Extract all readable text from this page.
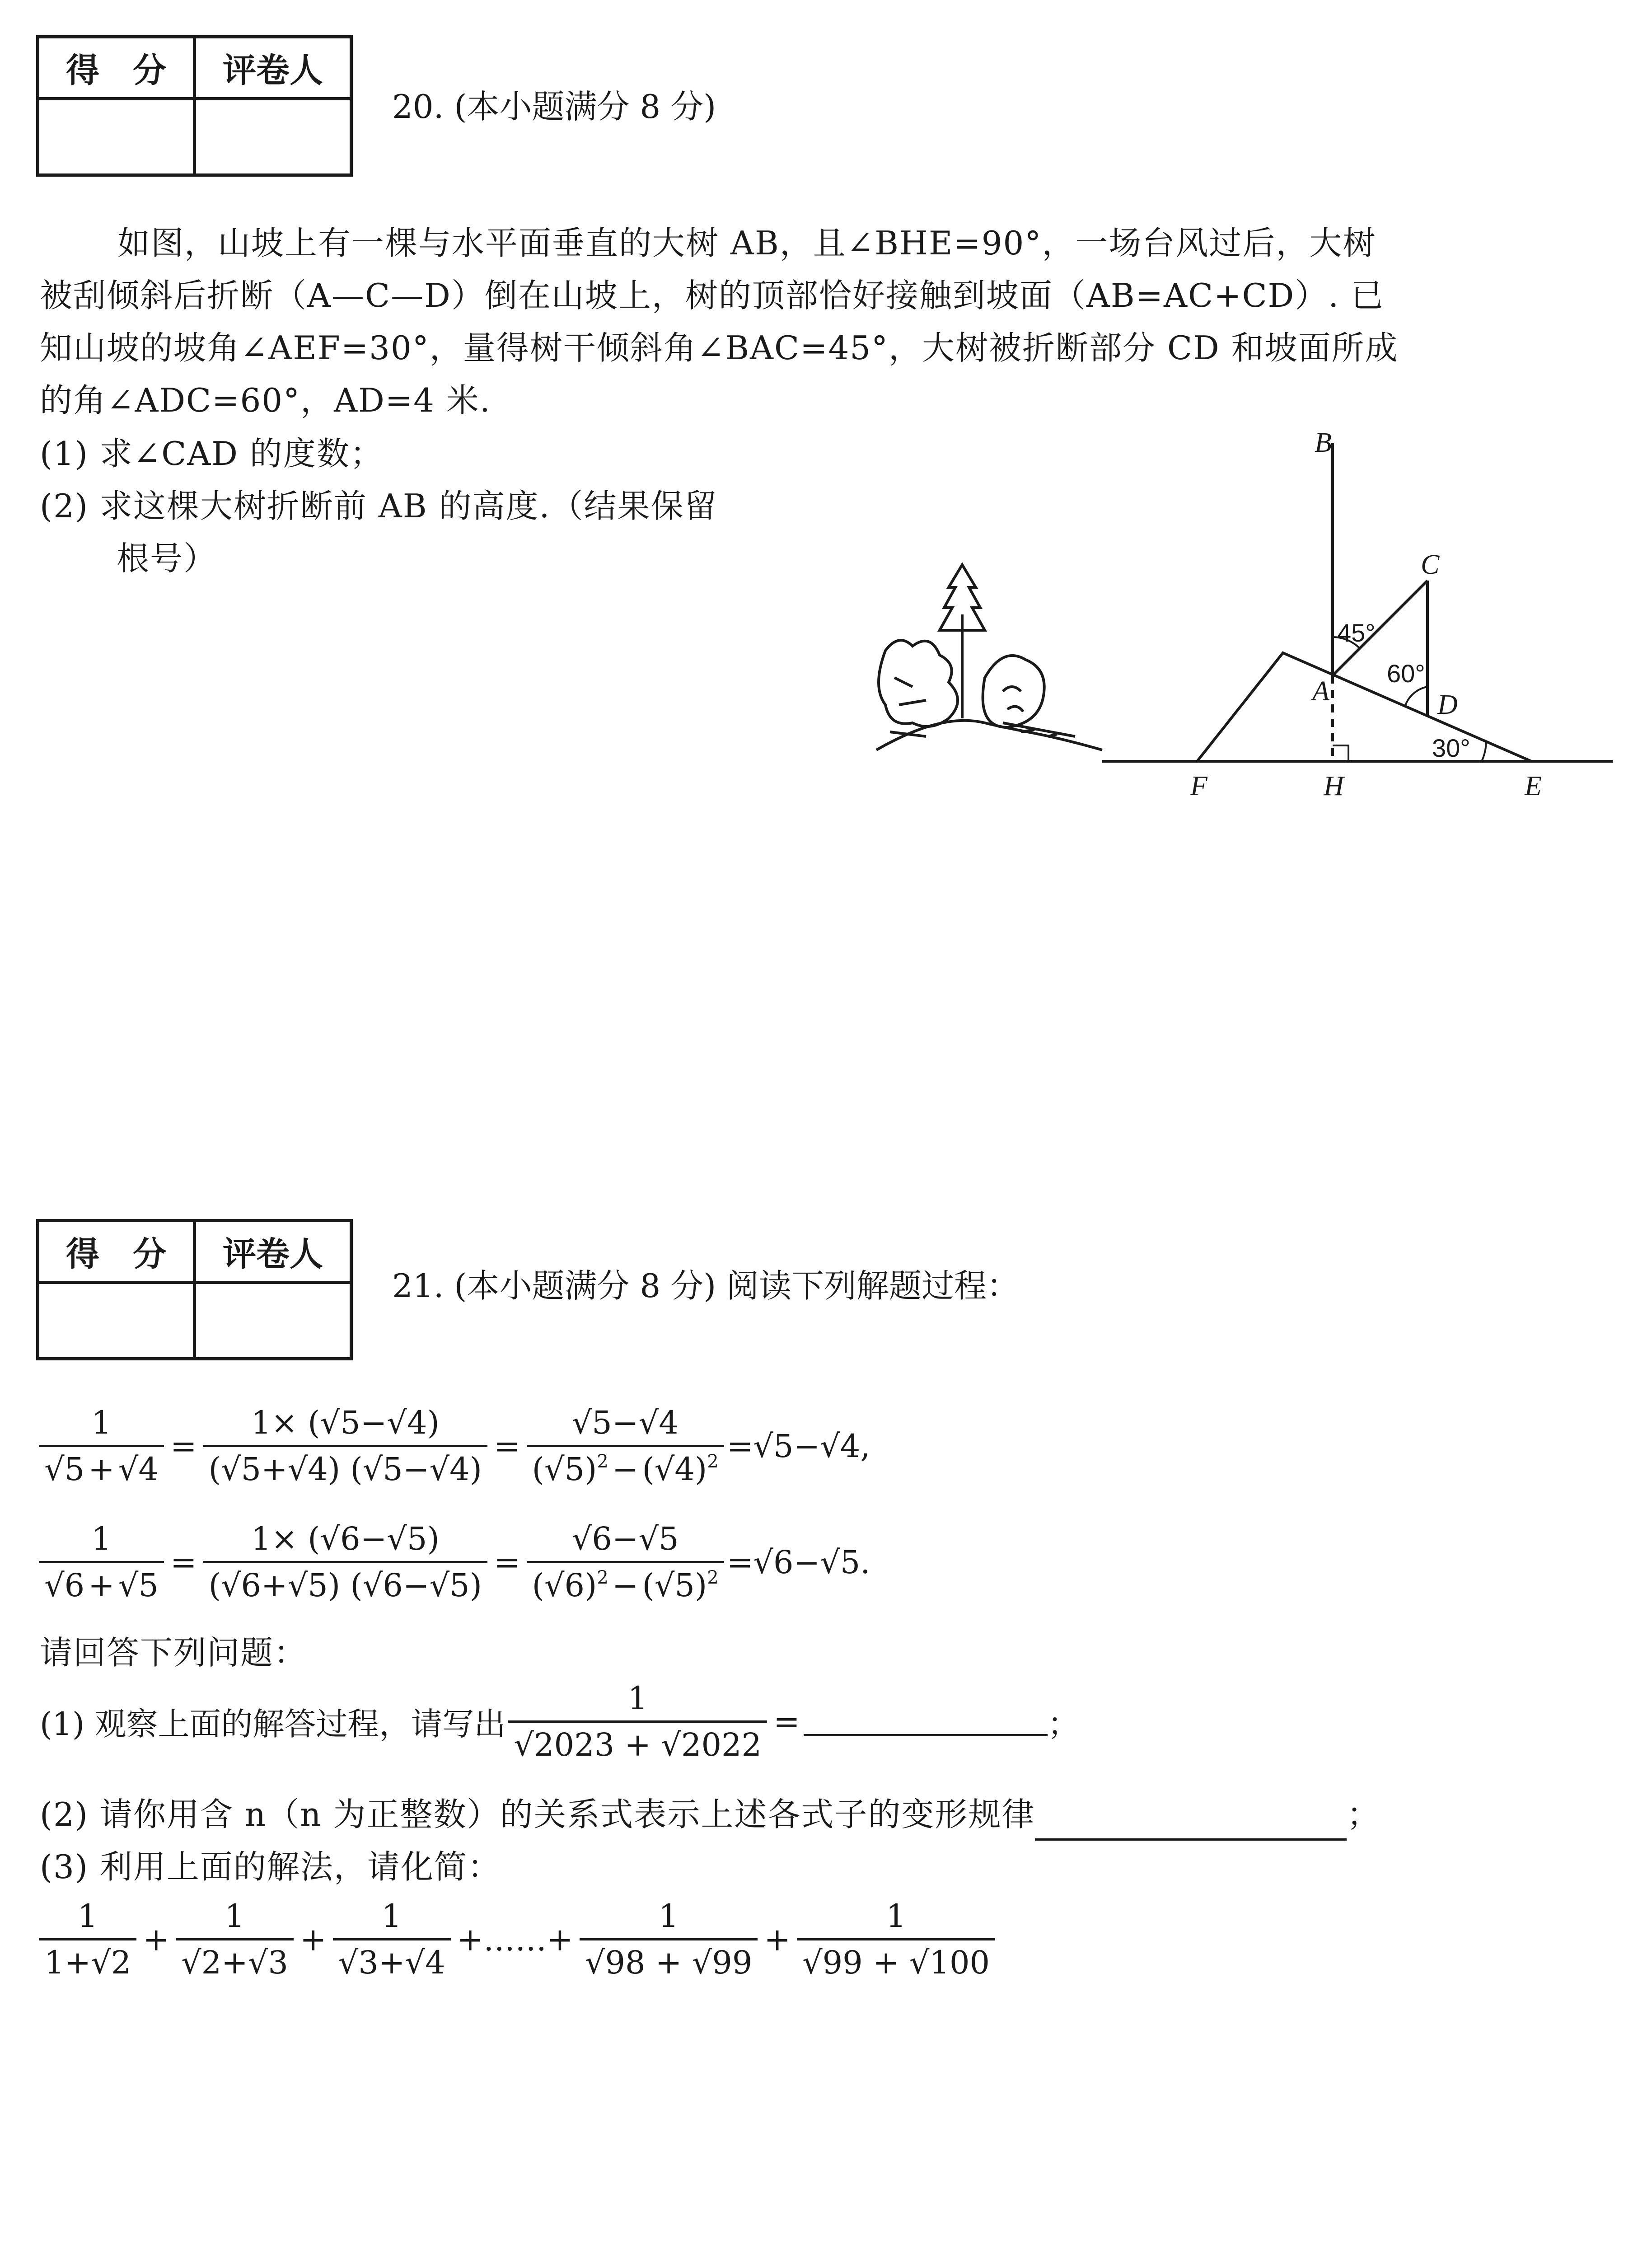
得　分	评卷人

20. (本小题满分 8 分)
如图，山坡上有一棵与水平面垂直的大树 AB，且∠BHE=90°，一场台风过后，大树
被刮倾斜后折断（A—C—D）倒在山坡上，树的顶部恰好接触到坡面（AB=AC+CD）. 已
知山坡的坡角∠AEF=30°，量得树干倾斜角∠BAC=45°，大树被折断部分 CD 和坡面所成
的角∠ADC=60°，AD=4 米.
(1) 求∠CAD 的度数；
(2) 求这棵大树折断前 AB 的高度.（结果保留
根号）
B
C
A	D
F	H	E
45°
60°
30°
得　分	评卷人

21. (本小题满分 8 分) 阅读下列解题过程：
$\frac{1}{√5 + √4} = \frac{1\times (√5-√4)}{(√5+√4) (√5-√4)} = \frac{√5-√4}{(√5)^2 - (√4)^2} =√5-√4$,
$\frac{1}{√6 + √5} = \frac{1\times (√6-√5)}{(√6+√5) (√6-√5)} = \frac{√6-√5}{(√6)^2 - (√5)^2} =√6-√5$.
请回答下列问题：
(1) 观察上面的解答过程，请写出 $\frac{1}{√2023 + √2022}$ =	；
(2) 请你用含 n（n 为正整数）的关系式表示上述各式子的变形规律	；
(3) 利用上面的解法，请化简：
$\frac{1}{1+√2} + \frac{1}{√2+√3} + \frac{1}{√3+√4}$ +……+ $\frac{1}{√98 + √99} + \frac{1}{√99 + √100}$
